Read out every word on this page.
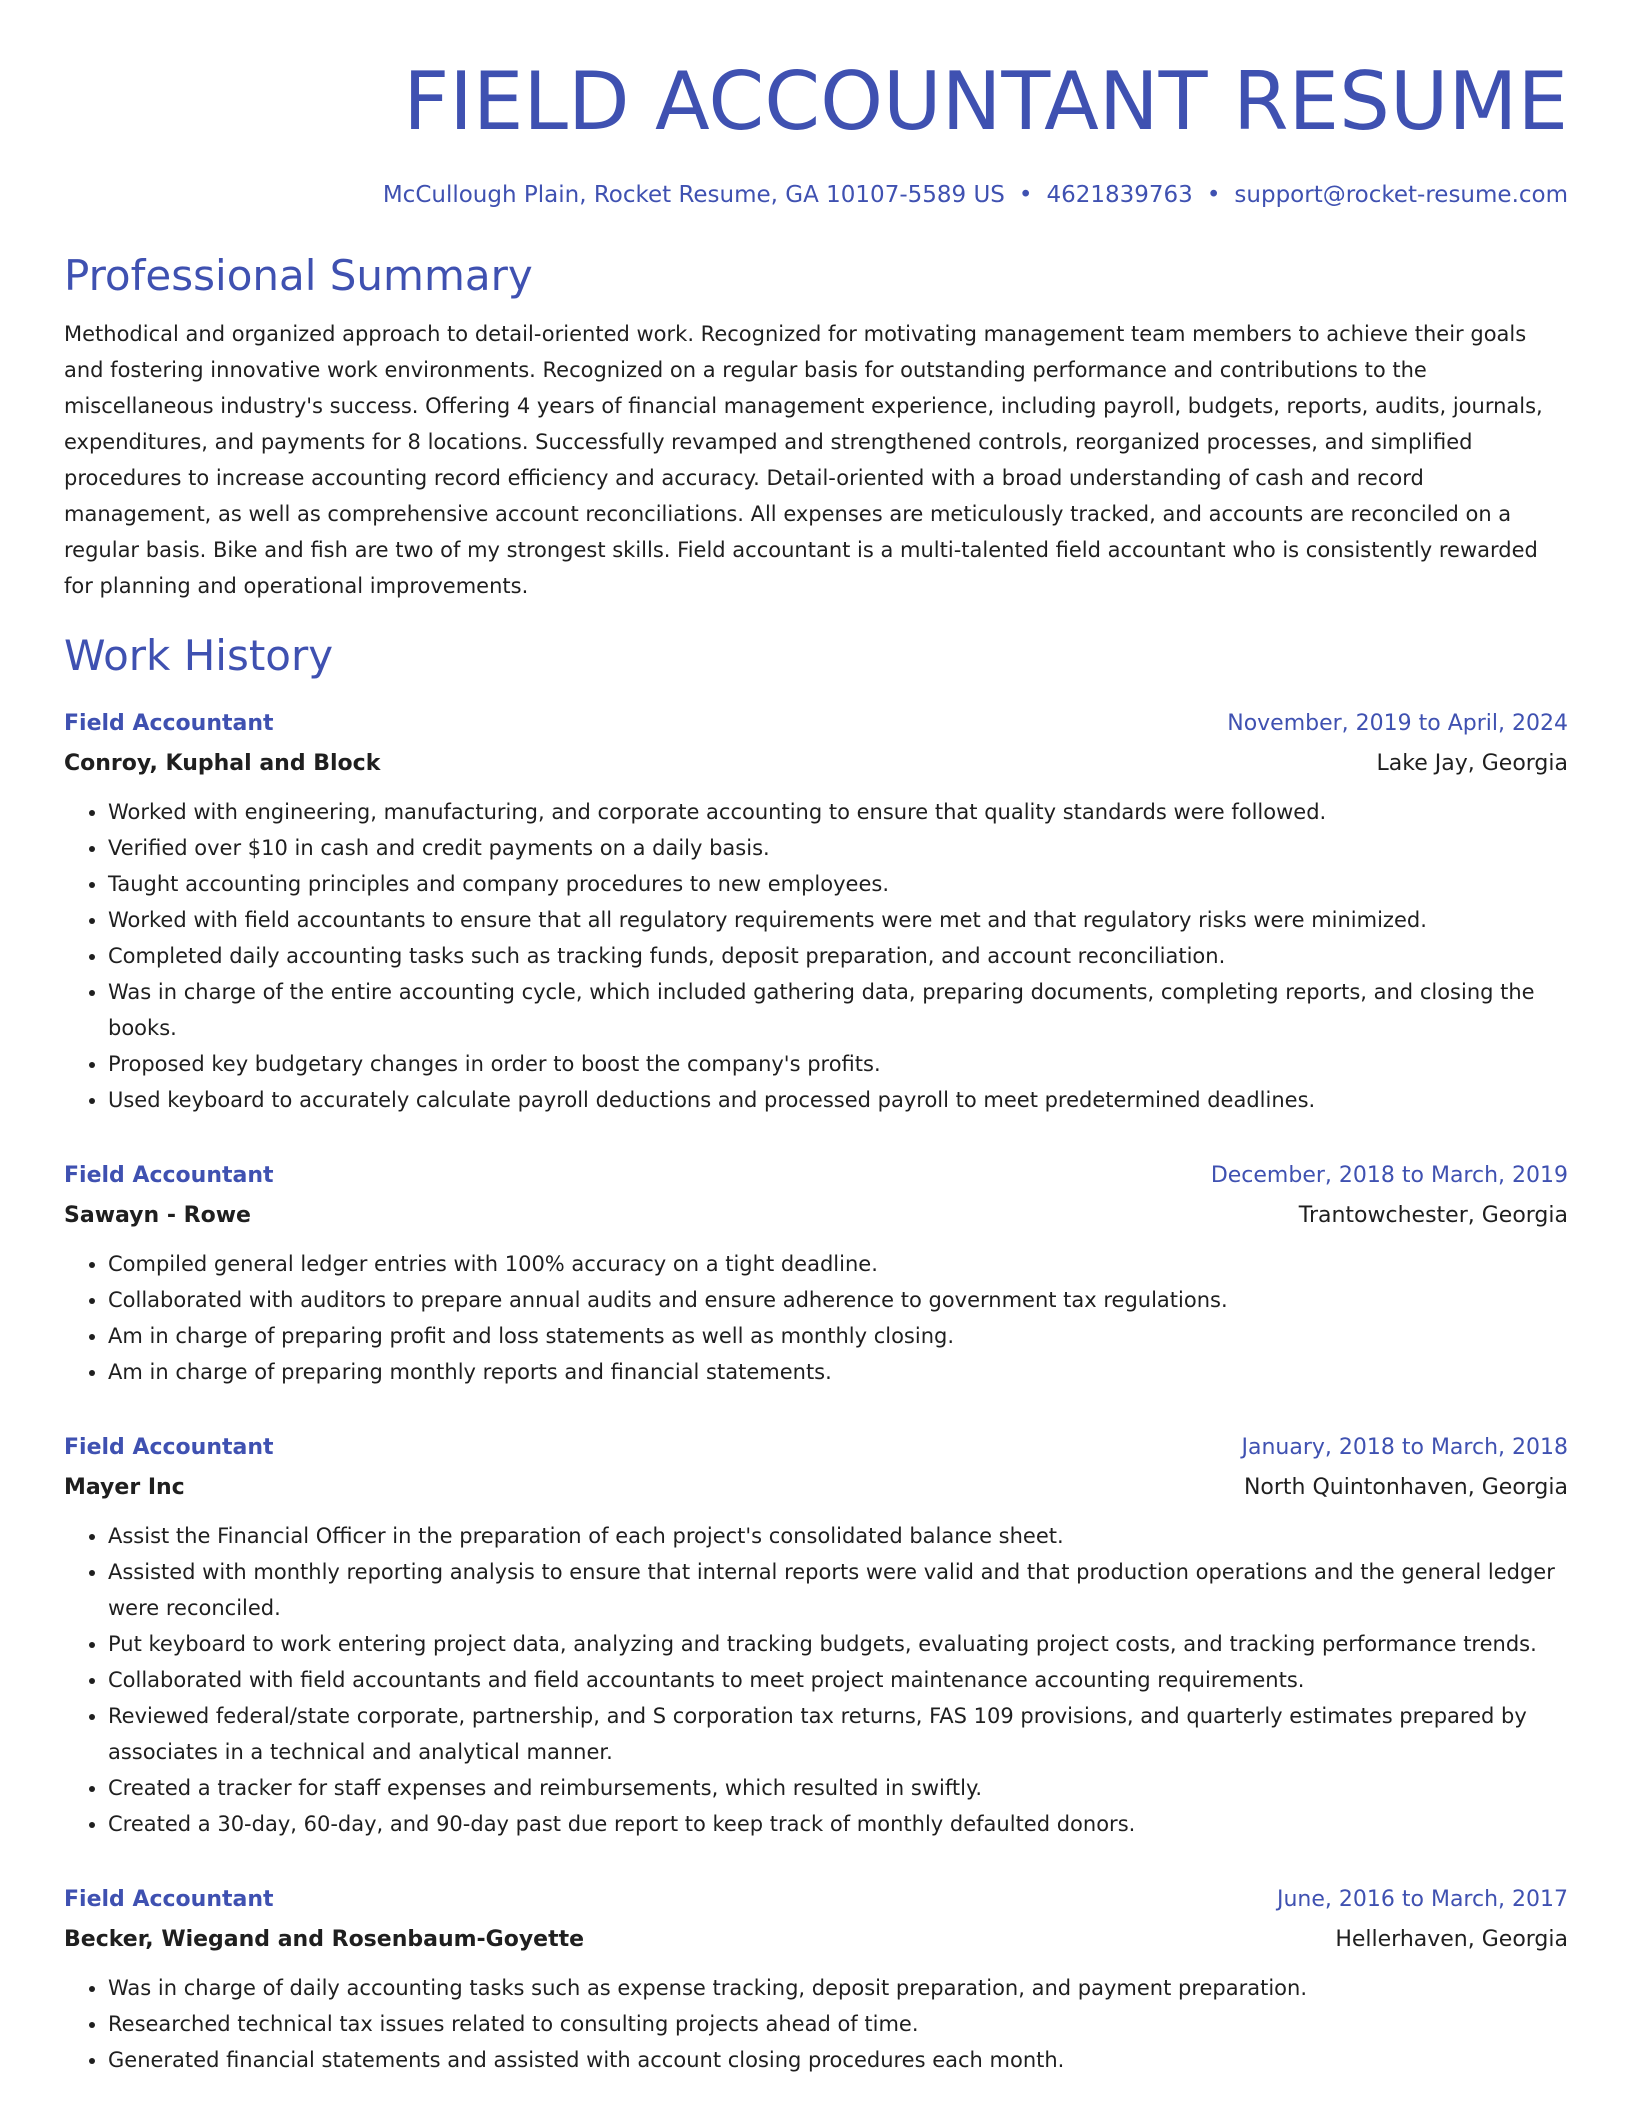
FIELD ACCOUNTANT RESUME
McCullough Plain, Rocket Resume, GA 10107-5589 US • 4621839763 • support@rocket-resume.com
Professional Summary

Methodical and organized approach to detail-oriented work. Recognized for motivating management team members to achieve their goals and fostering innovative work environments. Recognized on a regular basis for outstanding performance and contributions to the miscellaneous industry's success. Offering 4 years of financial management experience, including payroll, budgets, reports, audits, journals, expenditures, and payments for 8 locations. Successfully revamped and strengthened controls, reorganized processes, and simplified procedures to increase accounting record efficiency and accuracy. Detail-oriented with a broad understanding of cash and record management, as well as comprehensive account reconciliations. All expenses are meticulously tracked, and accounts are reconciled on a regular basis. Bike and fish are two of my strongest skills. Field accountant is a multi-talented field accountant who is consistently rewarded for planning and operational improvements.

Work History
Field Accountant	November, 2019 to April, 2024
Conroy, Kuphal and Block	Lake Jay, Georgia
• Worked with engineering, manufacturing, and corporate accounting to ensure that quality standards were followed.
• Verified over $10 in cash and credit payments on a daily basis.
• Taught accounting principles and company procedures to new employees.
• Worked with field accountants to ensure that all regulatory requirements were met and that regulatory risks were minimized.
• Completed daily accounting tasks such as tracking funds, deposit preparation, and account reconciliation.
• Was in charge of the entire accounting cycle, which included gathering data, preparing documents, completing reports, and closing the books.
• Proposed key budgetary changes in order to boost the company's profits.
• Used keyboard to accurately calculate payroll deductions and processed payroll to meet predetermined deadlines.
Field Accountant	December, 2018 to March, 2019
Sawayn - Rowe	Trantowchester, Georgia
• Compiled general ledger entries with 100% accuracy on a tight deadline.
• Collaborated with auditors to prepare annual audits and ensure adherence to government tax regulations.
• Am in charge of preparing profit and loss statements as well as monthly closing.
• Am in charge of preparing monthly reports and financial statements.
Field Accountant	January, 2018 to March, 2018
Mayer Inc	North Quintonhaven, Georgia
• Assist the Financial Officer in the preparation of each project's consolidated balance sheet.
• Assisted with monthly reporting analysis to ensure that internal reports were valid and that production operations and the general ledger were reconciled.
• Put keyboard to work entering project data, analyzing and tracking budgets, evaluating project costs, and tracking performance trends.
• Collaborated with field accountants and field accountants to meet project maintenance accounting requirements.
• Reviewed federal/state corporate, partnership, and S corporation tax returns, FAS 109 provisions, and quarterly estimates prepared by associates in a technical and analytical manner.
• Created a tracker for staff expenses and reimbursements, which resulted in swiftly.
• Created a 30-day, 60-day, and 90-day past due report to keep track of monthly defaulted donors.
Field Accountant	June, 2016 to March, 2017
Becker, Wiegand and Rosenbaum-Goyette	Hellerhaven, Georgia
• Was in charge of daily accounting tasks such as expense tracking, deposit preparation, and payment preparation.
• Researched technical tax issues related to consulting projects ahead of time.
• Generated financial statements and assisted with account closing procedures each month.
